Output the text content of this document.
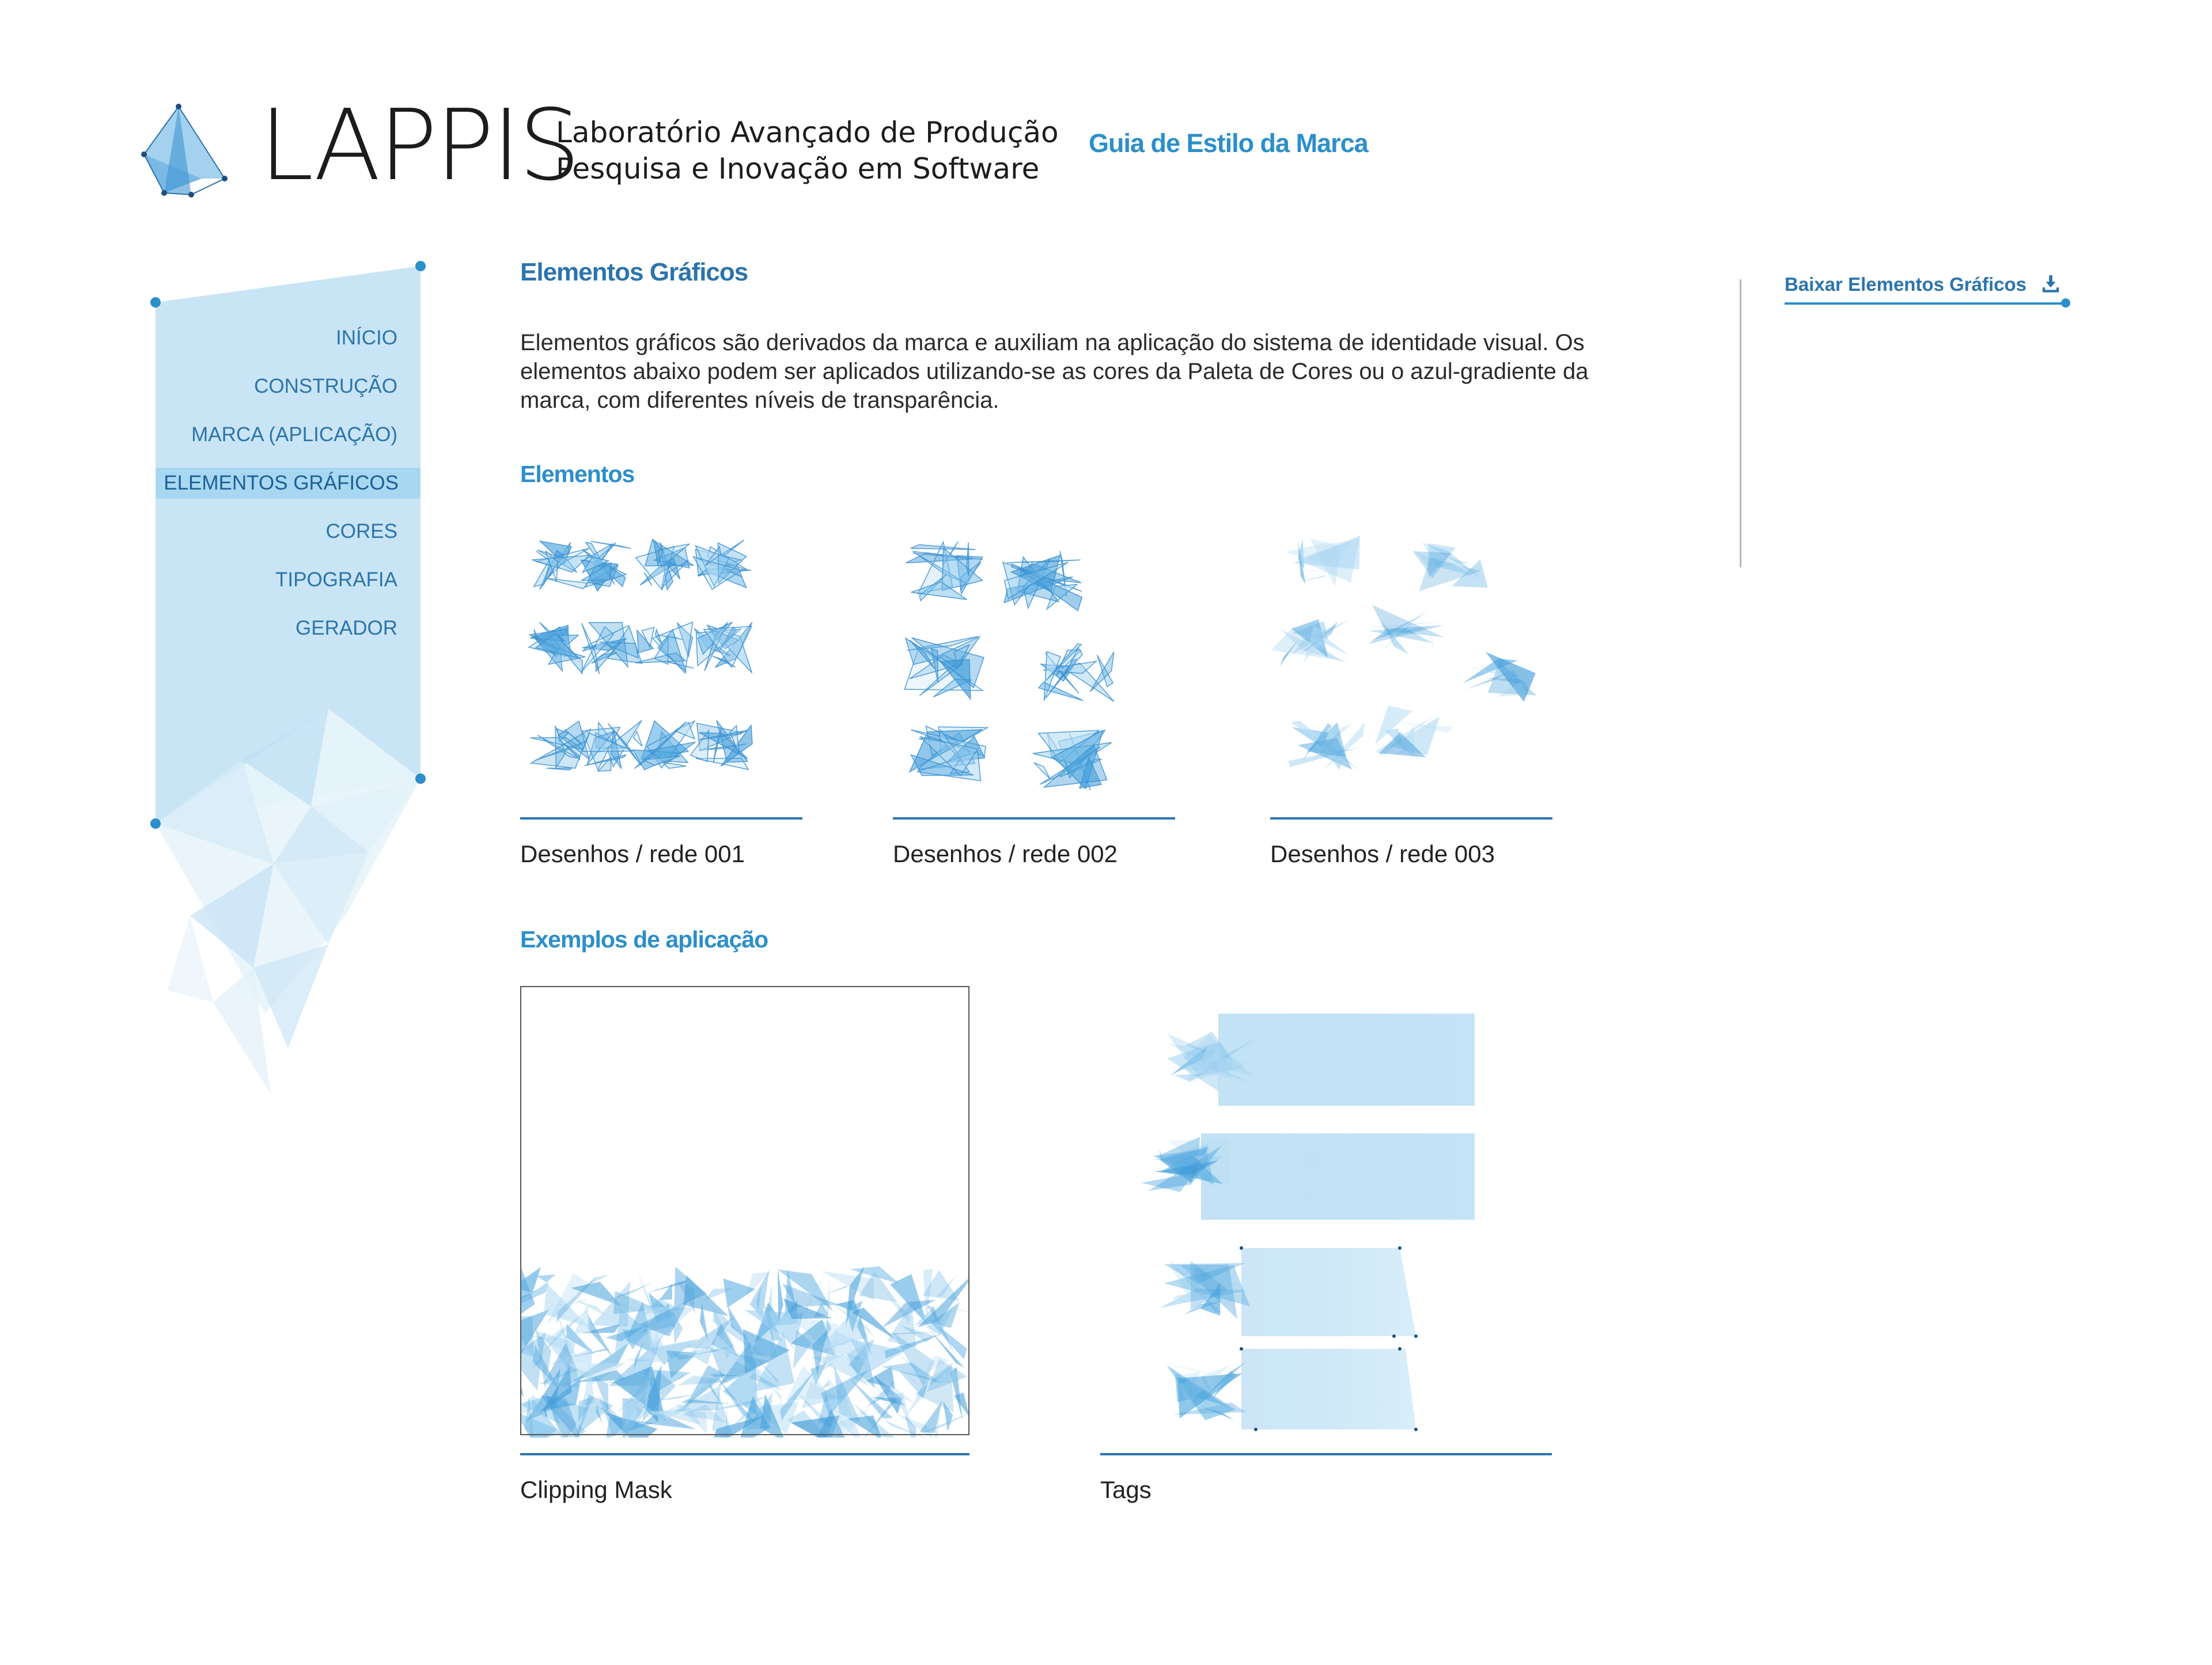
LAPPIS
Laboratório Avançado de Produção
Pesquisa e Inovação em Software
Guia de Estilo da Marca
INÍCIO
CONSTRUÇÃO
MARCA (APLICAÇÃO)
ELEMENTOS GRÁFICOS
CORES
TIPOGRAFIA
GERADOR
Elementos Gráficos
Elementos gráficos são derivados da marca e auxiliam na aplicação do sistema de identidade visual. Os elementos abaixo podem ser aplicados utilizando-se as cores da Paleta de Cores ou o azul-gradiente da marca, com diferentes níveis de transparência.
Elementos
Desenhos / rede 001	Desenhos / rede 002	Desenhos / rede 003
Exemplos de aplicação
Clipping Mask	Tags
Baixar Elementos Gráficos
